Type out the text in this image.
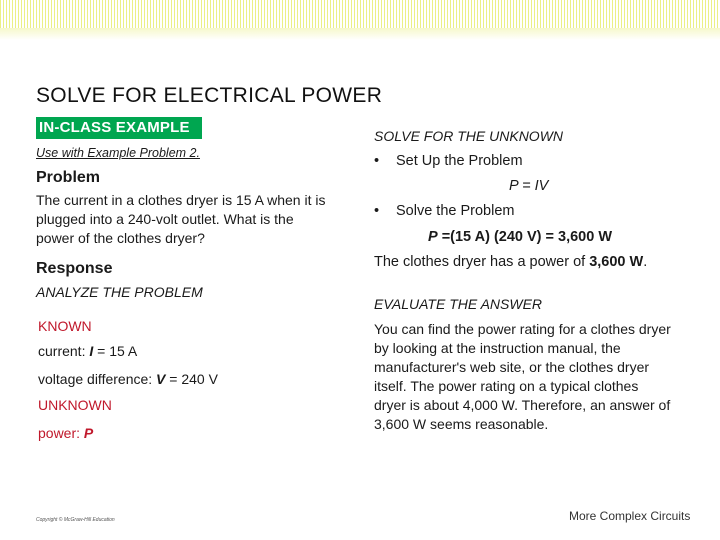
SOLVE FOR ELECTRICAL POWER
IN-CLASS EXAMPLE
Use with Example Problem 2.
Problem
The current in a clothes dryer is 15 A when it is plugged into a 240-volt outlet. What is the power of the clothes dryer?
Response
ANALYZE THE PROBLEM
KNOWN
current: I = 15 A
voltage difference: V = 240 V
UNKNOWN
power: P
SOLVE FOR THE UNKNOWN
• Set Up the Problem
P = IV
• Solve the Problem
P =(15 A) (240 V) = 3,600 W
The clothes dryer has a power of 3,600 W.
EVALUATE THE ANSWER
You can find the power rating for a clothes dryer by looking at the instruction manual, the manufacturer's web site, or the clothes dryer itself. The power rating on a typical clothes dryer is about 4,000 W. Therefore, an answer of 3,600 W seems reasonable.
Copyright © McGraw-Hill Education	More Complex Circuits
